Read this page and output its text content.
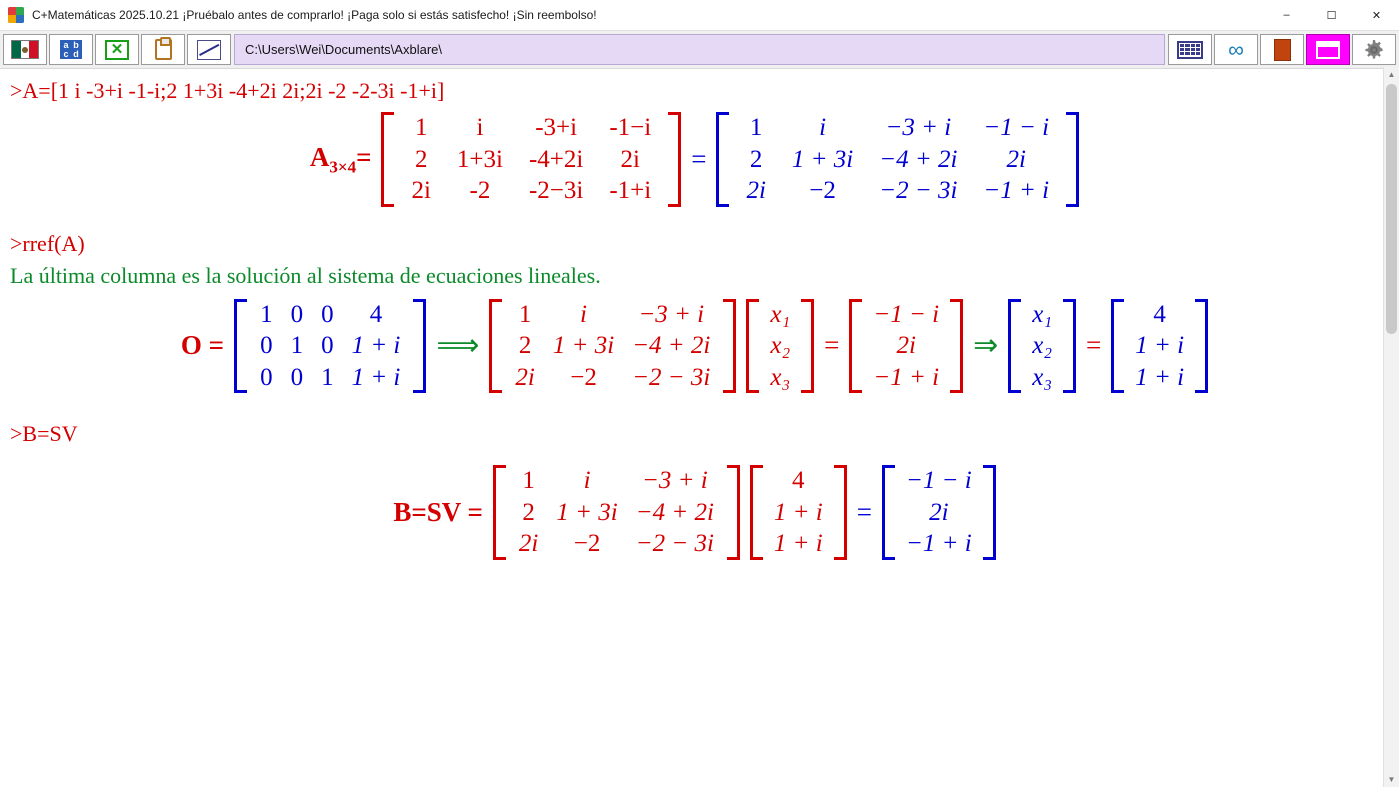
C+Matemáticas 2025.10.21 ¡Pruébalo antes de comprarlo! ¡Paga solo si estás satisfecho! ¡Sin reembolso!	–	☐	✕
a b
c d	✕	C:\Users\Wei\Documents\Axblare\	∞
>A=[1 i -3+i -1-i;2 1+3i -4+2i 2i;2i -2 -2-3i -1+i]
$A_{3\times 4}=$
1	i	-3+i	-1−i
2	1+3i	-4+2i	2i
2i	-2	-2−3i	-1+i
=
1	i	−3 + i	−1 − i
2	1 + 3i	−4 + 2i	2i
2i	−2	−2 − 3i	−1 + i
>rref(A)
La última columna es la solución al sistema de ecuaciones lineales.
O =
1	0	0	4
0	1	0	1 + i
0	0	1	1 + i
⟹
1	i	−3 + i
2	1 + 3i	−4 + 2i
2i	−2	−2 − 3i
x₁
x₂
x₃
=
−1 − i
2i
−1 + i
⇒
x₁
x₂
x₃
=
4
1 + i
1 + i
>B=SV
B=SV =
1	i	−3 + i
2	1 + 3i	−4 + 2i
2i	−2	−2 − 3i
4
1 + i
1 + i
=
−1 − i
2i
−1 + i
▲
▼
